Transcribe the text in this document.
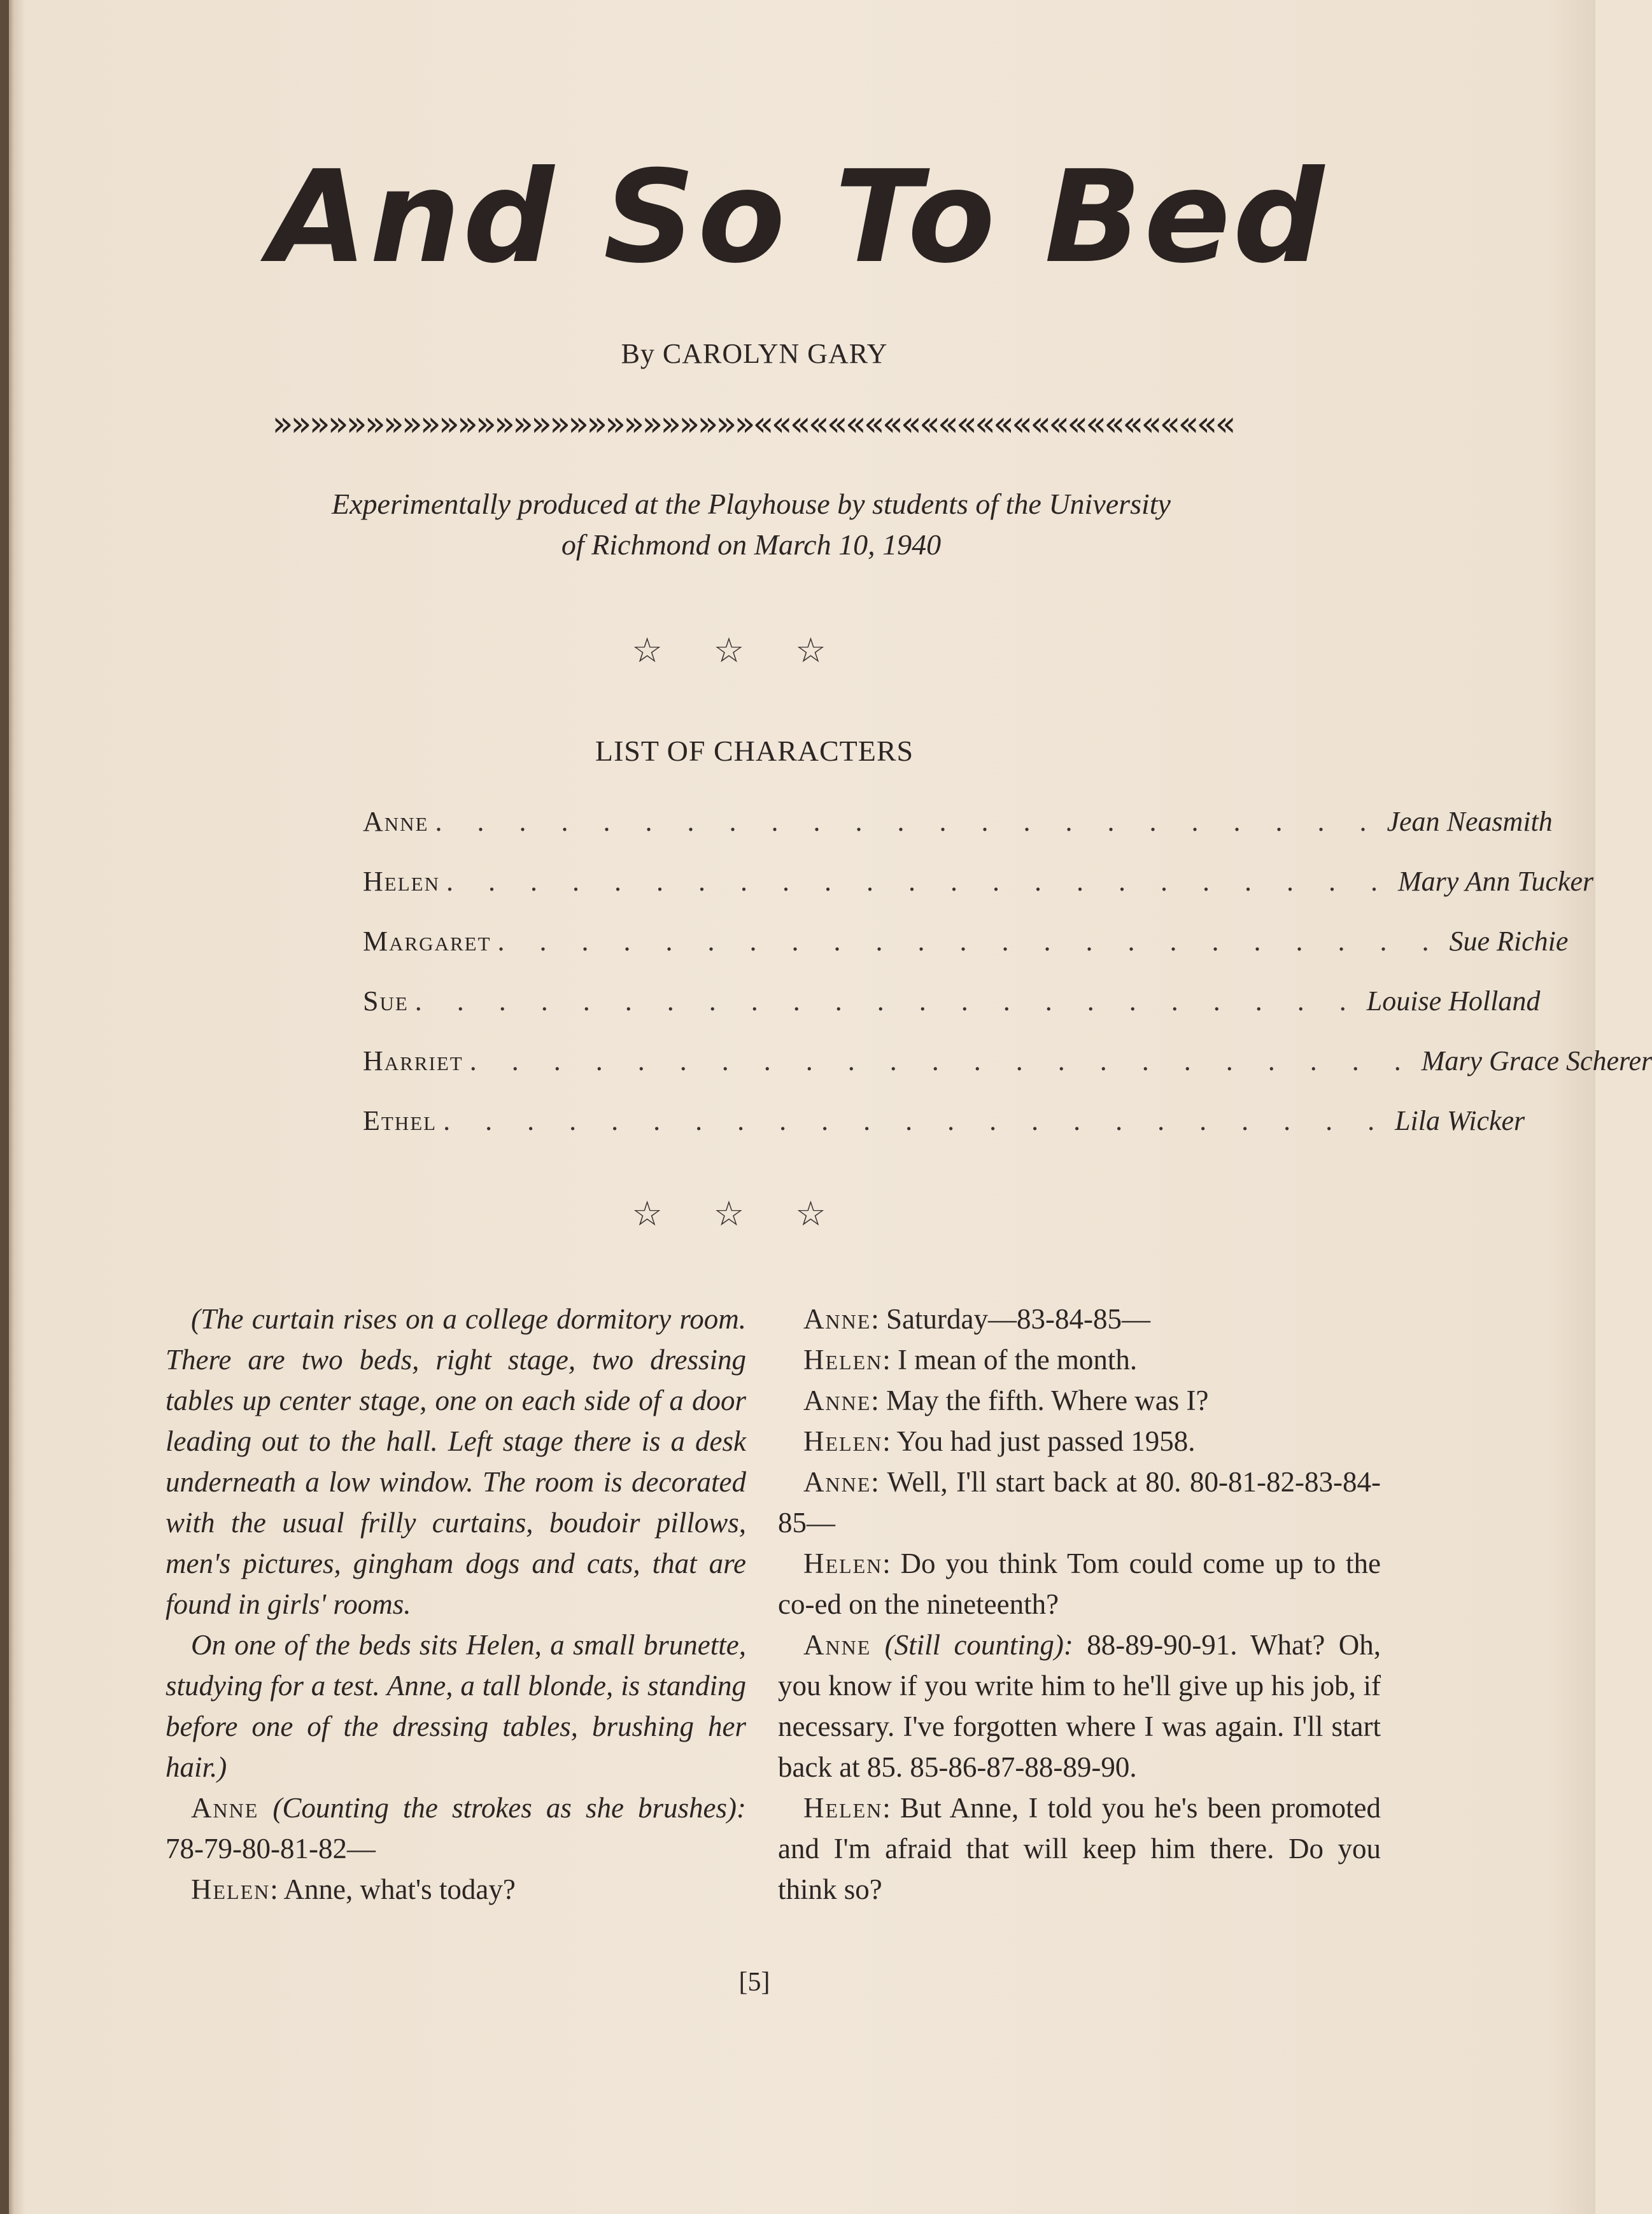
And So To Bed
By CAROLYN GARY
»»»»»»»»»»»»»»»»»»»»»»»»»»««««««««««««««««««««««««««
Experimentally produced at the Playhouse by students of the University
of Richmond on March 10, 1940
☆☆☆
LIST OF CHARACTERS
Anne . . . . . . . . . . . . . . . . . . . . . . . Jean Neasmith
Helen . . . . . . . . . . . . . . . . . . . . . . . Mary Ann Tucker
Margaret . . . . . . . . . . . . . . . . . . . . . . . Sue Richie
Sue . . . . . . . . . . . . . . . . . . . . . . . Louise Holland
Harriet . . . . . . . . . . . . . . . . . . . . . . . Mary Grace Scherer
Ethel . . . . . . . . . . . . . . . . . . . . . . . Lila Wicker
☆☆☆

(The curtain rises on a college dormitory room. There are two beds, right stage, two dressing tables up center stage, one on each side of a door leading out to the hall. Left stage there is a desk underneath a low window. The room is decorated with the usual frilly curtains, boudoir pillows, men's pictures, gingham dogs and cats, that are found in girls' rooms.

On one of the beds sits Helen, a small brunette, studying for a test. Anne, a tall blonde, is standing before one of the dressing tables, brushing her hair.)

Anne (Counting the strokes as she brushes): 78-79-80-81-82—

Helen: Anne, what's today?

Anne: Saturday—83-84-85—

Helen: I mean of the month.

Anne: May the fifth. Where was I?

Helen: You had just passed 1958.

Anne: Well, I'll start back at 80. 80-81-82-83-84-85—

Helen: Do you think Tom could come up to the co-ed on the nineteenth?

Anne (Still counting): 88-89-90-91. What? Oh, you know if you write him to he'll give up his job, if necessary. I've forgotten where I was again. I'll start back at 85. 85-86-87-88-89-90.

Helen: But Anne, I told you he's been promoted and I'm afraid that will keep him there. Do you think so?

[5]
